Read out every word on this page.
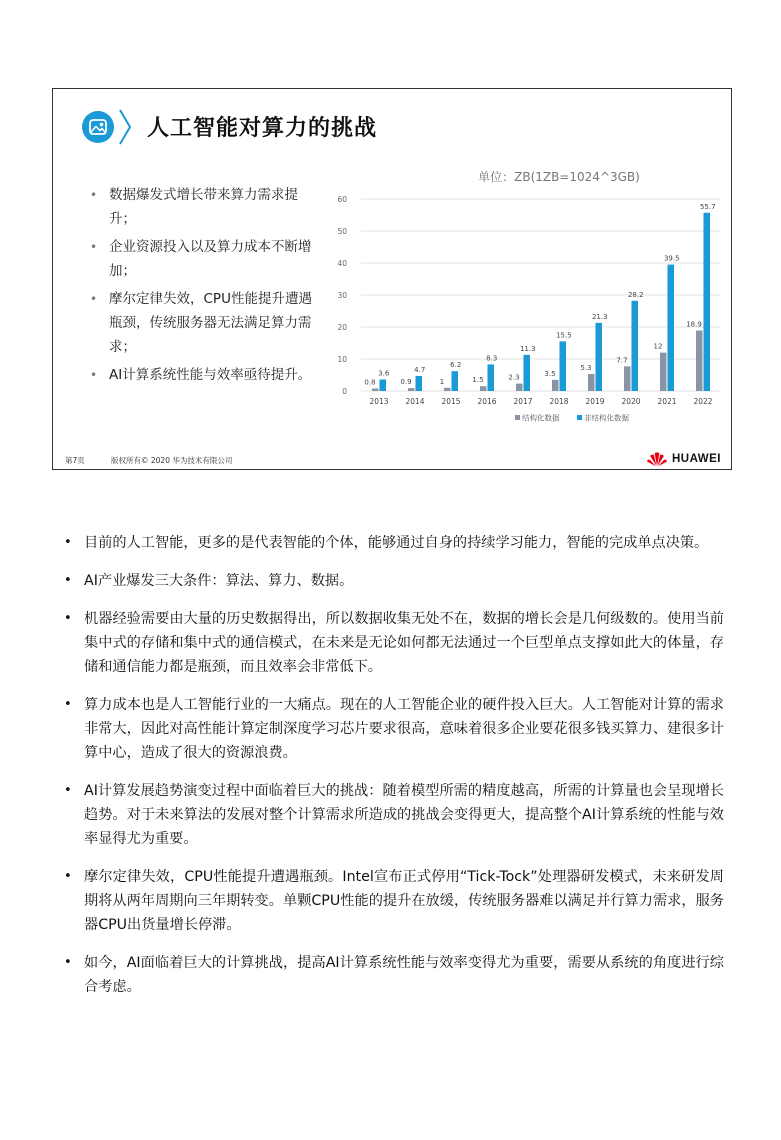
人工智能对算力的挑战
• 数据爆发式增长带来算力需求提升；
• 企业资源投入以及算力成本不断增加；
• 摩尔定律失效，CPU性能提升遭遇瓶颈，传统服务器无法满足算力需求；
• AI计算系统性能与效率亟待提升。
单位：ZB(1ZB=1024^3GB)
0
10
20
30
40
50
60
2013
0.8
3.6
2014
0.9
4.7
2015
1
6.2
2016
1.5
8.3
2017
2.3
11.3
2018
3.5
15.5
2019
5.3
21.3
2020
7.7
28.2
2021
12
39.5
2022
18.9
55.7
结构化数据	非结构化数据
第7页	版权所有© 2020 华为技术有限公司	HUAWEI
• 目前的人工智能，更多的是代表智能的个体，能够通过自身的持续学习能力，智能的完成单点决策。
• AI产业爆发三大条件：算法、算力、数据。
• 机器经验需要由大量的历史数据得出，所以数据收集无处不在，数据的增长会是几何级数的。使用当前集中式的存储和集中式的通信模式，在未来是无论如何都无法通过一个巨型单点支撑如此大的体量，存储和通信能力都是瓶颈，而且效率会非常低下。
• 算力成本也是人工智能行业的一大痛点。现在的人工智能企业的硬件投入巨大。人工智能对计算的需求非常大，因此对高性能计算定制深度学习芯片要求很高，意味着很多企业要花很多钱买算力、建很多计算中心，造成了很大的资源浪费。
• AI计算发展趋势演变过程中面临着巨大的挑战：随着模型所需的精度越高，所需的计算量也会呈现增长趋势。对于未来算法的发展对整个计算需求所造成的挑战会变得更大，提高整个AI计算系统的性能与效率显得尤为重要。
• 摩尔定律失效，CPU性能提升遭遇瓶颈。Intel宣布正式停用“Tick-Tock”处理器研发模式，未来研发周期将从两年周期向三年期转变。单颗CPU性能的提升在放缓，传统服务器难以满足并行算力需求，服务器CPU出货量增长停滞。
• 如今，AI面临着巨大的计算挑战，提高AI计算系统性能与效率变得尤为重要，需要从系统的角度进行综合考虑。
